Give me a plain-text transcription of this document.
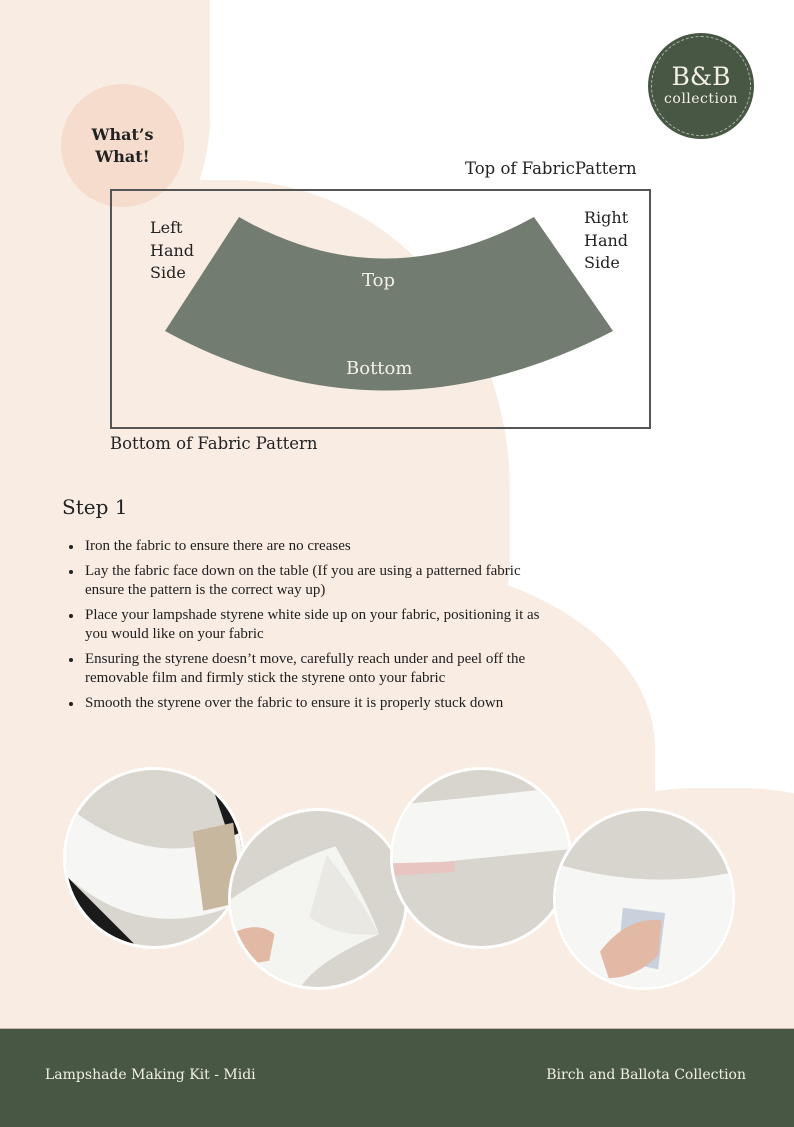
B&B
collection
What’s
What!
Top of FabricPattern
Left
Hand
Side
Right
Hand
Side
Top
Bottom
Bottom of Fabric Pattern
Step 1
Iron the fabric to ensure there are no creases
Lay the fabric face down on the table (If you are using a patterned fabric ensure the pattern is the correct way up)
Place your lampshade styrene white side up on your fabric, positioning it as you would like on your fabric
Ensuring the styrene doesn’t move, carefully reach under and peel off the removable film and firmly stick the styrene onto your fabric
Smooth the styrene over the fabric to ensure it is properly stuck down
Lampshade Making Kit - Midi	Birch and Ballota Collection
